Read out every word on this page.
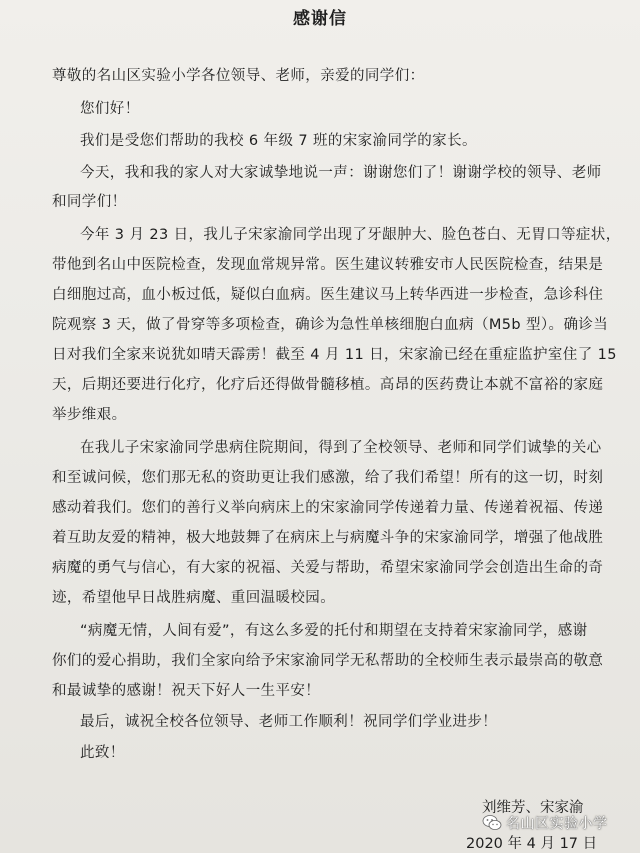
感谢信
尊敬的名山区实验小学各位领导、老师，亲爱的同学们：
您们好！
我们是受您们帮助的我校 6 年级 7 班的宋家渝同学的家长。
今天，我和我的家人对大家诚挚地说一声：谢谢您们了！谢谢学校的领导、老师
和同学们！
今年 3 月 23 日，我儿子宋家渝同学出现了牙龈肿大、脸色苍白、无胃口等症状，
带他到名山中医院检查，发现血常规异常。医生建议转雅安市人民医院检查，结果是
白细胞过高，血小板过低，疑似白血病。医生建议马上转华西进一步检查，急诊科住
院观察 3 天，做了骨穿等多项检查，确诊为急性单核细胞白血病（M5b 型）。确诊当
日对我们全家来说犹如晴天霹雳！截至 4 月 11 日，宋家渝已经在重症监护室住了 15
天，后期还要进行化疗，化疗后还得做骨髓移植。高昂的医药费让本就不富裕的家庭
举步维艰。
在我儿子宋家渝同学患病住院期间，得到了全校领导、老师和同学们诚挚的关心
和至诚问候，您们那无私的资助更让我们感激，给了我们希望！所有的这一切，时刻
感动着我们。您们的善行义举向病床上的宋家渝同学传递着力量、传递着祝福、传递
着互助友爱的精神，极大地鼓舞了在病床上与病魔斗争的宋家渝同学，增强了他战胜
病魔的勇气与信心，有大家的祝福、关爱与帮助，希望宋家渝同学会创造出生命的奇
迹，希望他早日战胜病魔、重回温暖校园。
“病魔无情，人间有爱”，有这么多爱的托付和期望在支持着宋家渝同学，感谢
你们的爱心捐助，我们全家向给予宋家渝同学无私帮助的全校师生表示最崇高的敬意
和最诚挚的感谢！祝天下好人一生平安！
最后，诚祝全校各位领导、老师工作顺利！祝同学们学业进步！
此致！
刘维芳、宋家渝
2020 年 4 月 17 日
名山区实验小学
